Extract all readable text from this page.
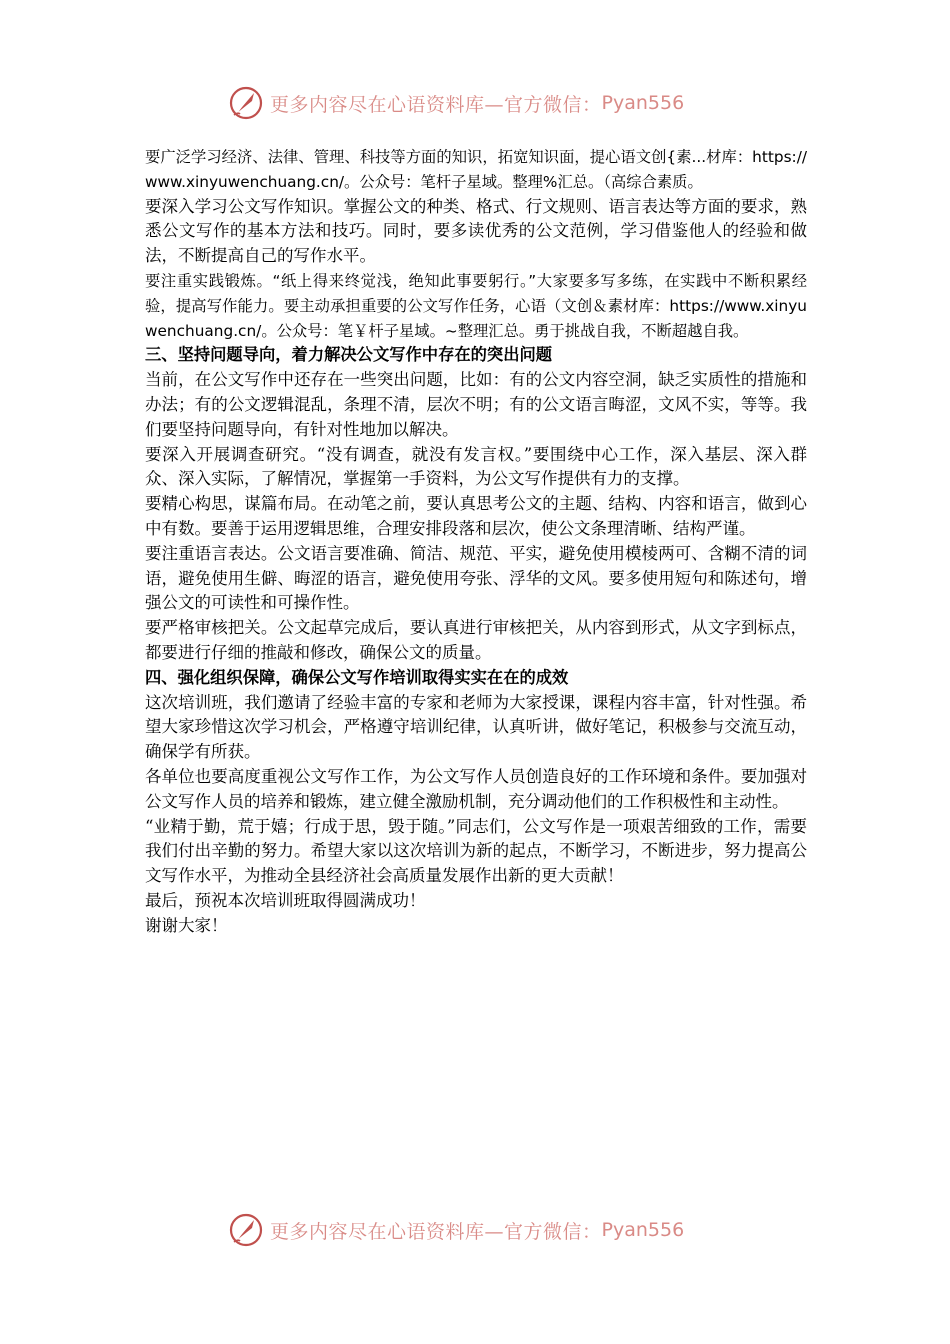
更多内容尽在心语资料库—官方微信： Pyan556

要广泛学习经济、法律、管理、科技等方面的知识，拓宽知识面，提心语文创{素...材库：https://www.xinyuwenchuang.cn/。公众号：笔杆子星域。整理%汇总。（高综合素质。

要深入学习公文写作知识。掌握公文的种类、格式、行文规则、语言表达等方面的要求，熟悉公文写作的基本方法和技巧。同时，要多读优秀的公文范例，学习借鉴他人的经验和做法，不断提高自己的写作水平。

要注重实践锻炼。“纸上得来终觉浅，绝知此事要躬行。”大家要多写多练，在实践中不断积累经验，提高写作能力。要主动承担重要的公文写作任务，心语（文创＆素材库：https://www.xinyuwenchuang.cn/。公众号：笔￥杆子星域。~整理汇总。勇于挑战自我，不断超越自我。

三、坚持问题导向，着力解决公文写作中存在的突出问题

当前，在公文写作中还存在一些突出问题，比如：有的公文内容空洞，缺乏实质性的措施和办法；有的公文逻辑混乱，条理不清，层次不明；有的公文语言晦涩，文风不实，等等。我们要坚持问题导向，有针对性地加以解决。

要深入开展调查研究。“没有调查，就没有发言权。”要围绕中心工作，深入基层、深入群众、深入实际，了解情况，掌握第一手资料，为公文写作提供有力的支撑。

要精心构思，谋篇布局。在动笔之前，要认真思考公文的主题、结构、内容和语言，做到心中有数。要善于运用逻辑思维，合理安排段落和层次，使公文条理清晰、结构严谨。

要注重语言表达。公文语言要准确、简洁、规范、平实，避免使用模棱两可、含糊不清的词语，避免使用生僻、晦涩的语言，避免使用夸张、浮华的文风。要多使用短句和陈述句，增强公文的可读性和可操作性。

要严格审核把关。公文起草完成后，要认真进行审核把关，从内容到形式，从文字到标点，都要进行仔细的推敲和修改，确保公文的质量。

四、强化组织保障，确保公文写作培训取得实实在在的成效

这次培训班，我们邀请了经验丰富的专家和老师为大家授课，课程内容丰富，针对性强。希望大家珍惜这次学习机会，严格遵守培训纪律，认真听讲，做好笔记，积极参与交流互动，确保学有所获。

各单位也要高度重视公文写作工作，为公文写作人员创造良好的工作环境和条件。要加强对公文写作人员的培养和锻炼，建立健全激励机制，充分调动他们的工作积极性和主动性。

“业精于勤，荒于嬉；行成于思，毁于随。”同志们，公文写作是一项艰苦细致的工作，需要我们付出辛勤的努力。希望大家以这次培训为新的起点，不断学习，不断进步，努力提高公文写作水平，为推动全县经济社会高质量发展作出新的更大贡献！

最后，预祝本次培训班取得圆满成功！

谢谢大家！

更多内容尽在心语资料库—官方微信： Pyan556
